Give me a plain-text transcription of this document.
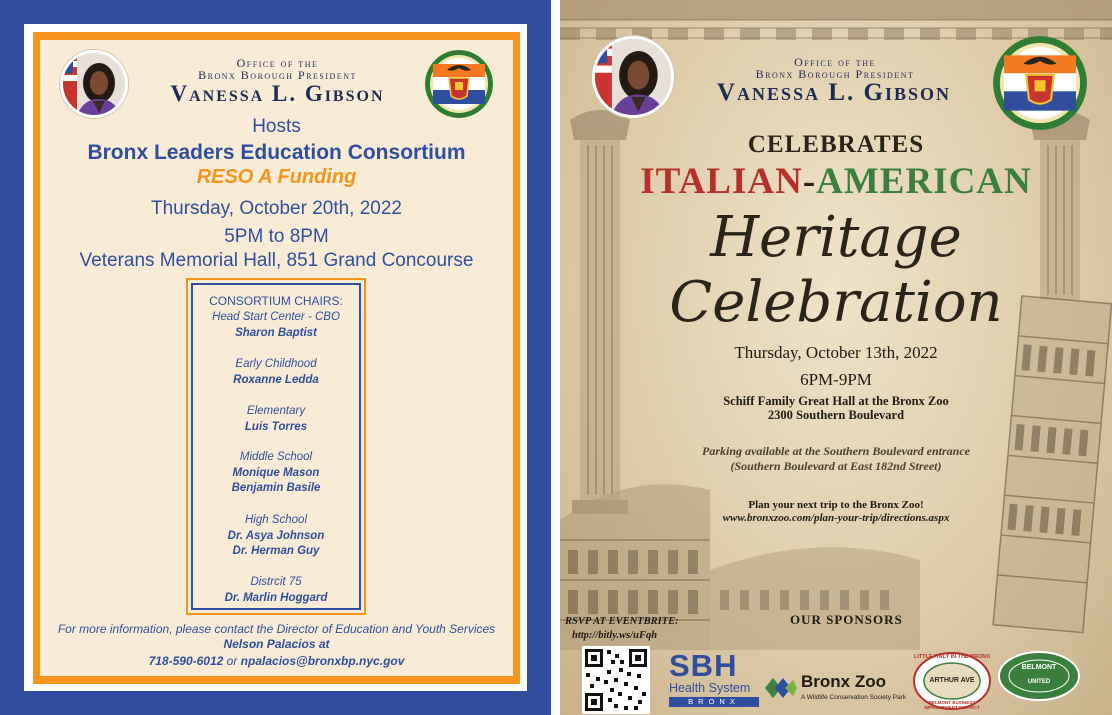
Office of the
Bronx Borough President
Vanessa L. Gibson
Hosts
Bronx Leaders Education Consortium
RESO A Funding
Thursday, October 20th, 2022
5PM to 8PM
Veterans Memorial Hall, 851 Grand Concourse
CONSORTIUM CHAIRS:
Head Start Center - CBO
Sharon Baptist
Early Childhood
Roxanne Ledda
Elementary
Luis Torres
Middle School
Monique Mason
Benjamin Basile
High School
Dr. Asya Johnson
Dr. Herman Guy
Distrcit 75
Dr. Marlin Hoggard
For more information, please contact the Director of Education and Youth Services
Nelson Palacios at
718-590-6012 or npalacios@bronxbp.nyc.gov
Office of the
Bronx Borough President
Vanessa L. Gibson
CELEBRATES
ITALIAN-AMERICAN
Heritage
Celebration
Thursday, October 13th, 2022
6PM-9PM
Schiff Family Great Hall at the Bronx Zoo
2300 Southern Boulevard
Parking available at the Southern Boulevard entrance
(Southern Boulevard at East 182nd Street)
Plan your next trip to the Bronx Zoo!
www.bronxzoo.com/plan-your-trip/directions.aspx
RSVP AT EVENTBRITE:
http://bitly.ws/uFqh
OUR SPONSORS
SBH
Health System
BRONX
Bronx Zoo
A Wildlife Conservation Society Park
LITTLE ITALY IN THE BRONX
ARTHUR AVE
BELMONT BUSINESS IMPROVEMENT DISTRICT
BELMONT
UNITED
